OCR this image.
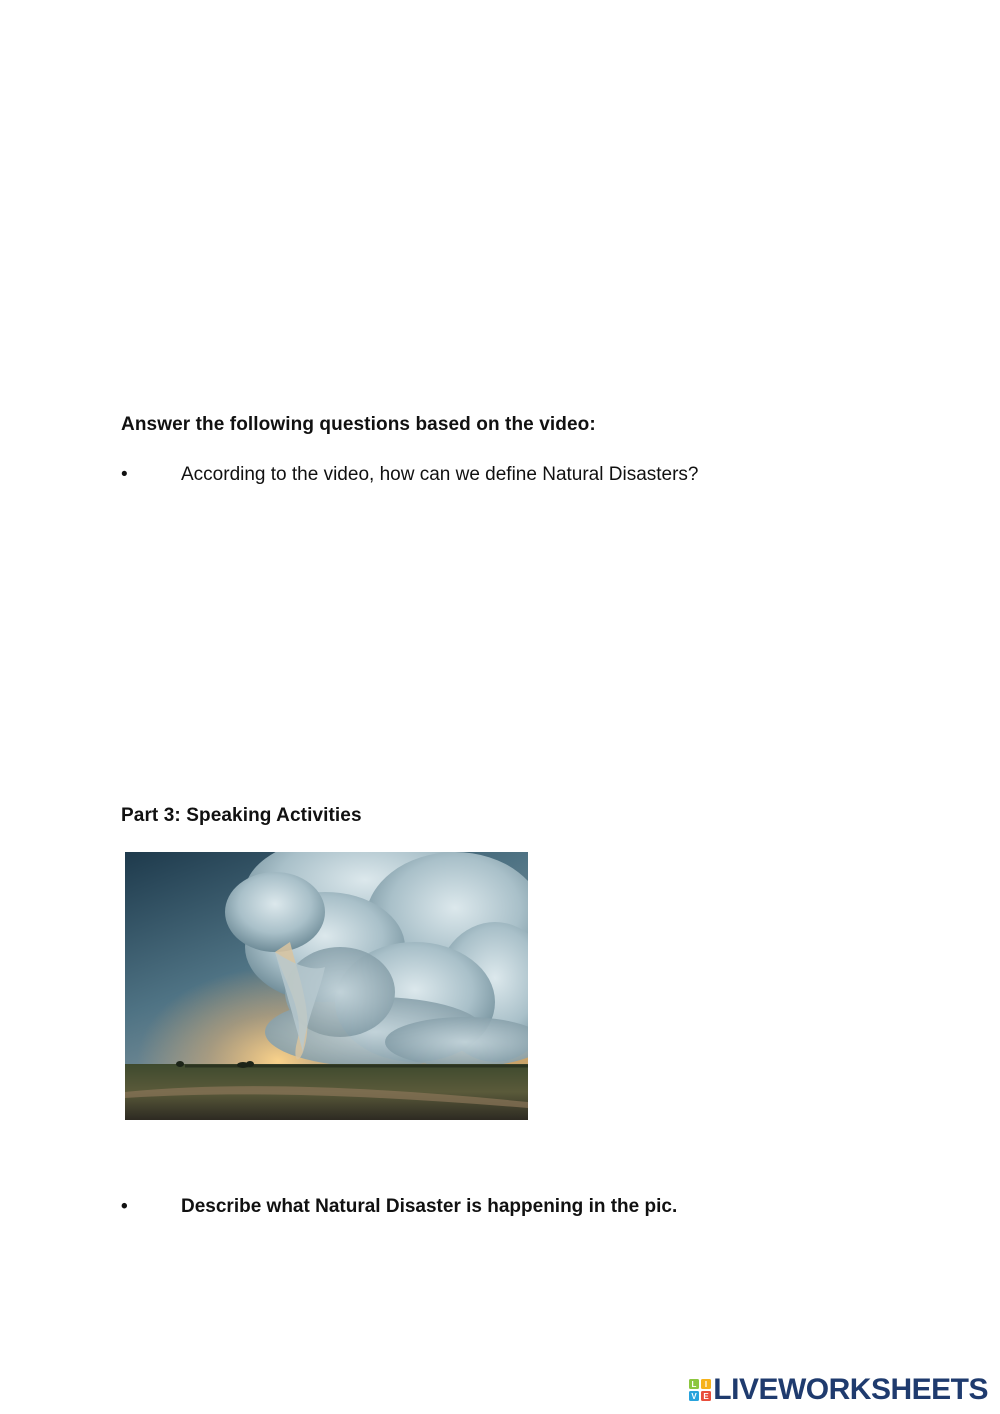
Answer the following questions based on the video:
•	According to the video, how can we define Natural Disasters?
Part 3: Speaking Activities
•	Describe what Natural Disaster is happening in the pic.
L I
V E LIVEWORKSHEETS
